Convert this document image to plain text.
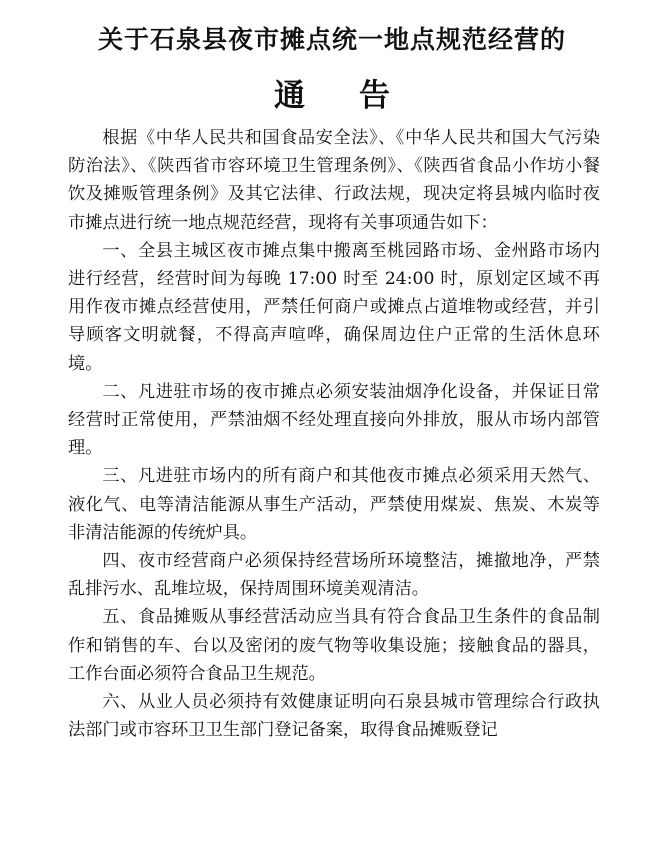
关于石泉县夜市摊点统一地点规范经营的
通 告

根据《中华人民共和国食品安全法》、《中华人民共和国大气污染防治法》、《陕西省市容环境卫生管理条例》、《陕西省食品小作坊小餐饮及摊贩管理条例》及其它法律、行政法规，现决定将县城内临时夜市摊点进行统一地点规范经营，现将有关事项通告如下：

一、全县主城区夜市摊点集中搬离至桃园路市场、金州路市场内进行经营，经营时间为每晚 17:00 时至 24:00 时，原划定区域不再用作夜市摊点经营使用，严禁任何商户或摊点占道堆物或经营，并引导顾客文明就餐，不得高声喧哗，确保周边住户正常的生活休息环境。

二、凡进驻市场的夜市摊点必须安装油烟净化设备，并保证日常经营时正常使用，严禁油烟不经处理直接向外排放，服从市场内部管理。

三、凡进驻市场内的所有商户和其他夜市摊点必须采用天然气、液化气、电等清洁能源从事生产活动，严禁使用煤炭、焦炭、木炭等非清洁能源的传统炉具。

四、夜市经营商户必须保持经营场所环境整洁，摊撤地净，严禁乱排污水、乱堆垃圾，保持周围环境美观清洁。

五、食品摊贩从事经营活动应当具有符合食品卫生条件的食品制作和销售的车、台以及密闭的废气物等收集设施；接触食品的器具，工作台面必须符合食品卫生规范。

六、从业人员必须持有效健康证明向石泉县城市管理综合行政执法部门或市容环卫卫生部门登记备案，取得食品摊贩登记
